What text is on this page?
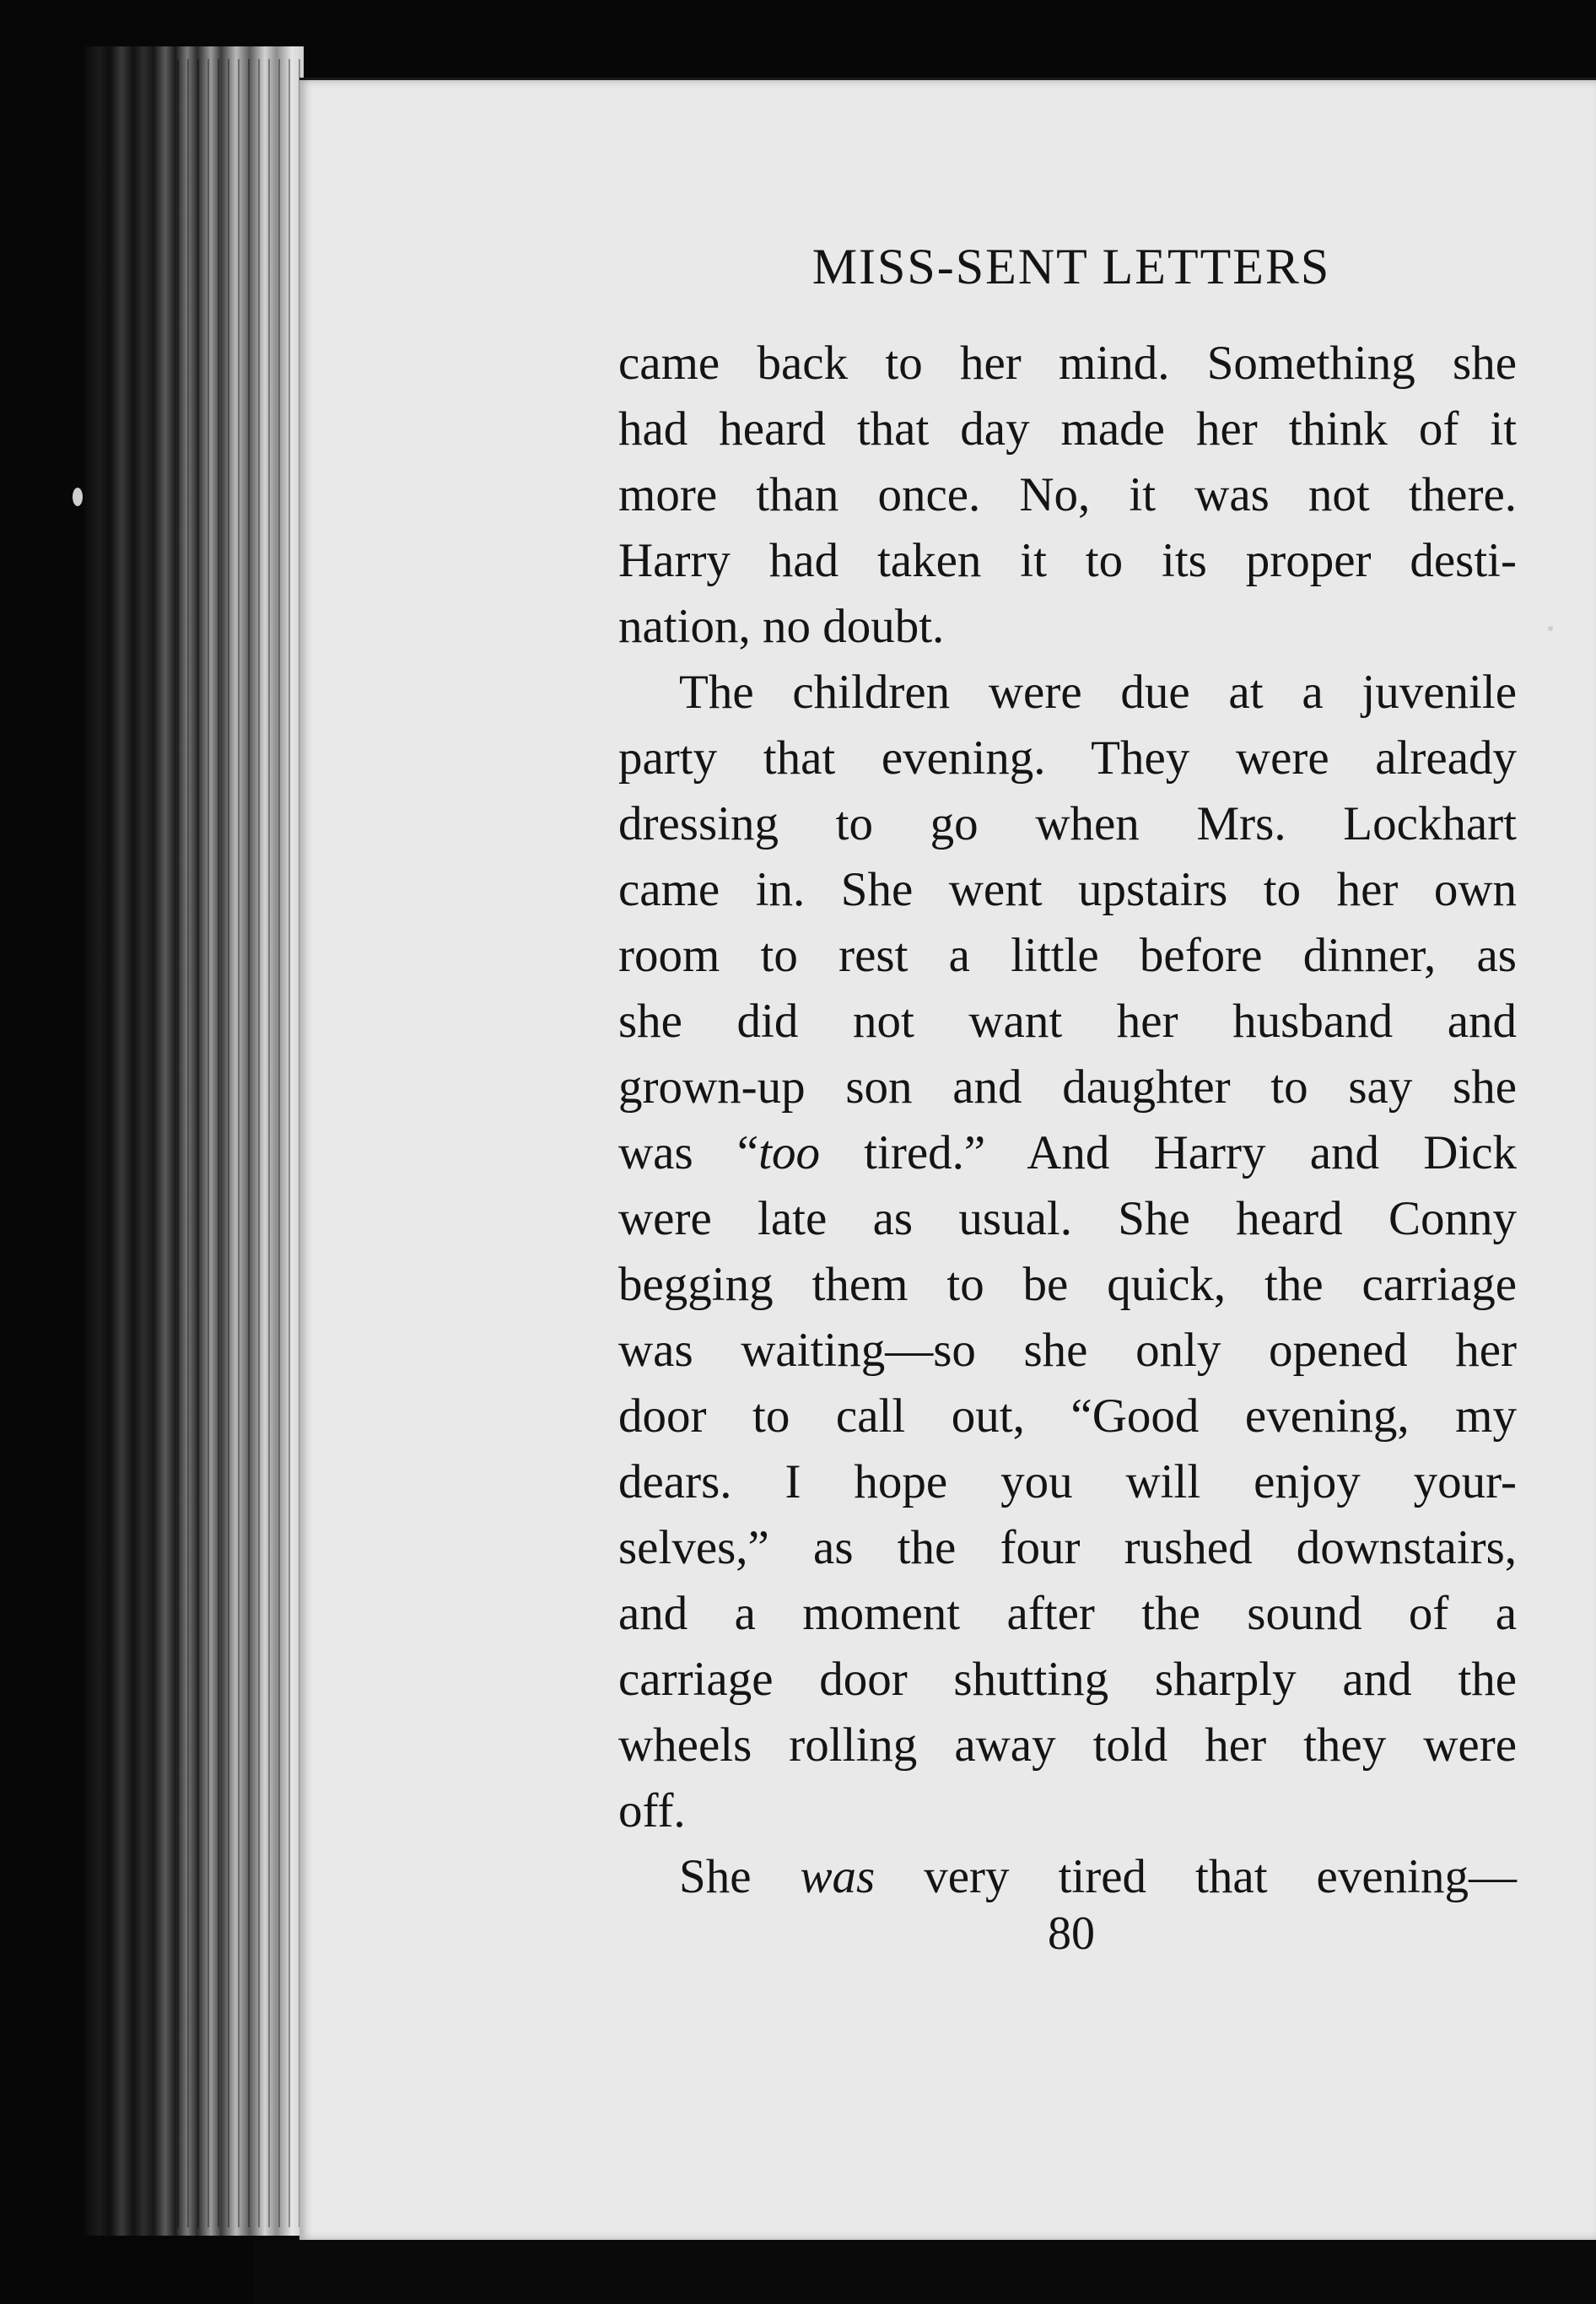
MISS-SENT LETTERS
came back to her mind. Something she
had heard that day made her think of it
more than once. No, it was not there.
Harry had taken it to its proper desti-
nation, no doubt.
The children were due at a juvenile
party that evening. They were already
dressing to go when Mrs. Lockhart
came in. She went upstairs to her own
room to rest a little before dinner, as
she did not want her husband and
grown-up son and daughter to say she
was “too tired.” And Harry and Dick
were late as usual. She heard Conny
begging them to be quick, the carriage
was waiting—so she only opened her
door to call out, “Good evening, my
dears. I hope you will enjoy your-
selves,” as the four rushed downstairs,
and a moment after the sound of a
carriage door shutting sharply and the
wheels rolling away told her they were
off.
She was very tired that evening—
80
